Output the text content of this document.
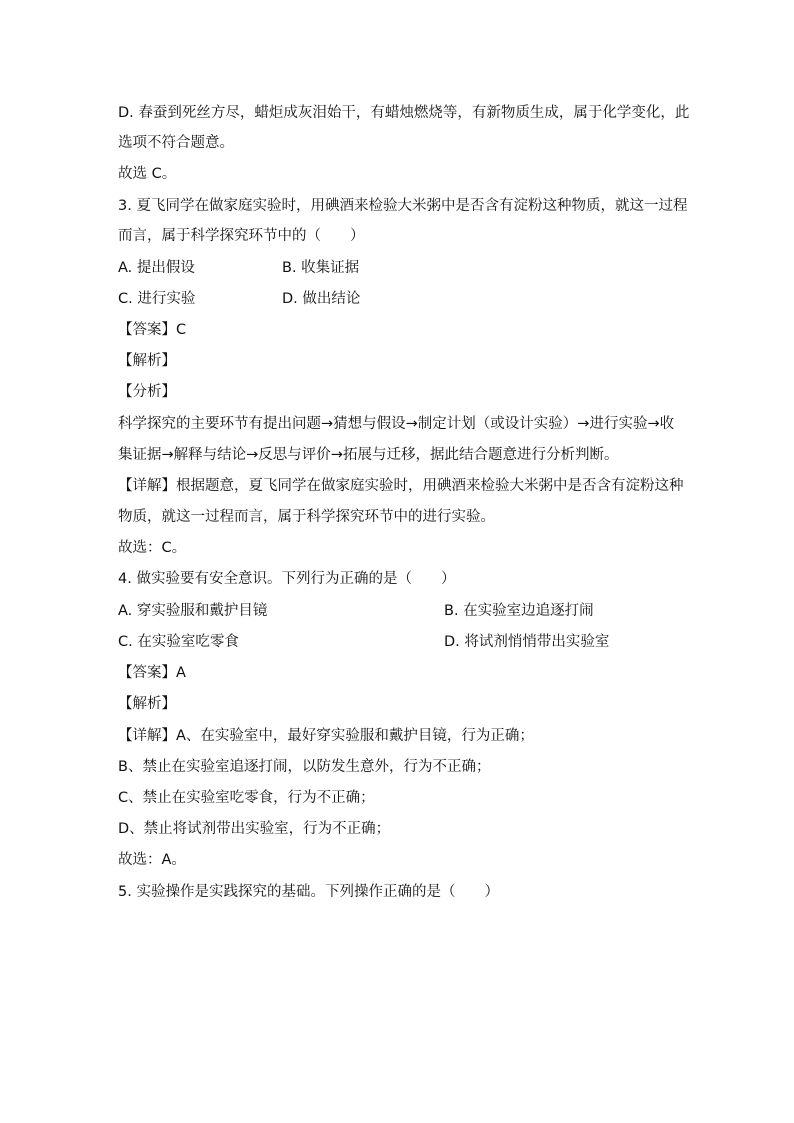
D. 春蚕到死丝方尽，蜡炬成灰泪始干，有蜡烛燃烧等，有新物质生成，属于化学变化，此
选项不符合题意。
故选 C。
3. 夏飞同学在做家庭实验时，用碘酒来检验大米粥中是否含有淀粉这种物质，就这一过程
而言，属于科学探究环节中的（　　）
A. 提出假设	B. 收集证据
C. 进行实验	D. 做出结论
【答案】C
【解析】
【分析】
科学探究的主要环节有提出问题→猜想与假设→制定计划（或设计实验）→进行实验→收
集证据→解释与结论→反思与评价→拓展与迁移，据此结合题意进行分析判断。
【详解】根据题意，夏飞同学在做家庭实验时，用碘酒来检验大米粥中是否含有淀粉这种
物质，就这一过程而言，属于科学探究环节中的进行实验。
故选：C。
4. 做实验要有安全意识。下列行为正确的是（　　）
A. 穿实验服和戴护目镜	B. 在实验室边追逐打闹
C. 在实验室吃零食	D. 将试剂悄悄带出实验室
【答案】A
【解析】
【详解】A、在实验室中，最好穿实验服和戴护目镜，行为正确；
B、禁止在实验室追逐打闹，以防发生意外，行为不正确；
C、禁止在实验室吃零食，行为不正确；
D、禁止将试剂带出实验室，行为不正确；
故选：A。
5. 实验操作是实践探究的基础。下列操作正确的是（　　）
